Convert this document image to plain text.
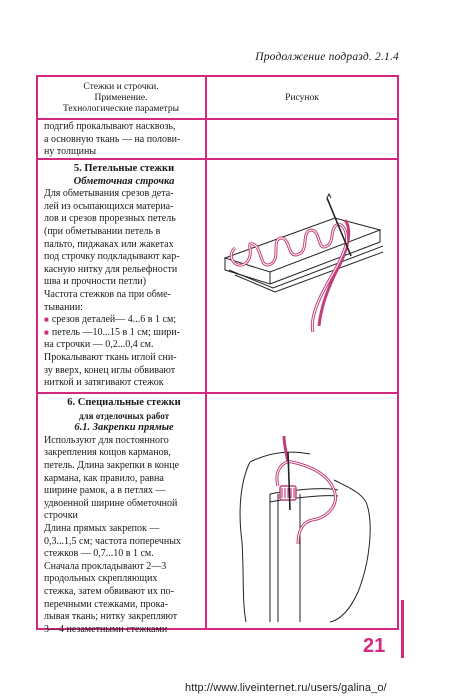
Продолжение подразд. 2.1.4
Стежки и строчки.
Применение.
Технологические параметры
Рисунок

подгиб прокалывают насквозь,

а основную ткань — на полови-

ну толщины

5. Петельные стежки

Обметочная строчка

Для обметывания срезов дета-

лей из осыпающихся материа-

лов и срезов прорезных петель

(при обметывании петель в

пальто, пиджаках или жакетах

под строчку подкладывают кар-

касную нитку для рельефности

шва и прочности петли)

Частота стежков nа при обме-

тывании:

■ срезов деталей— 4...6 в 1 см;

■ петель —10...15 в 1 см; шири-

на строчки — 0,2...0,4 см.

Прокалывают ткань иглой сни-

зу вверх, конец иглы обвивают

ниткой и затягивают стежок

6. Специальные стежки

для отделочных работ

6.1. Закрепки прямые

Используют для постоянного

закрепления кощов карманов,

петель. Длина закрепки в конце

кармана, как правило, равна

ширине рамок, а в петлях —

удвоенной ширине обметочной

строчки

Длина прямых закрепок —

0,3...1,5 см; частота поперечных

стежков — 0,7...10 в 1 см.

Сначала прокладывают 2—3

продольных скрепляющих

стежка, затем обвивают их по-

перечными стежками, прока-

лывая ткань; нитку закрепляют

3—4 незаметными стежками

21
http://www.liveinternet.ru/users/galina_o/
